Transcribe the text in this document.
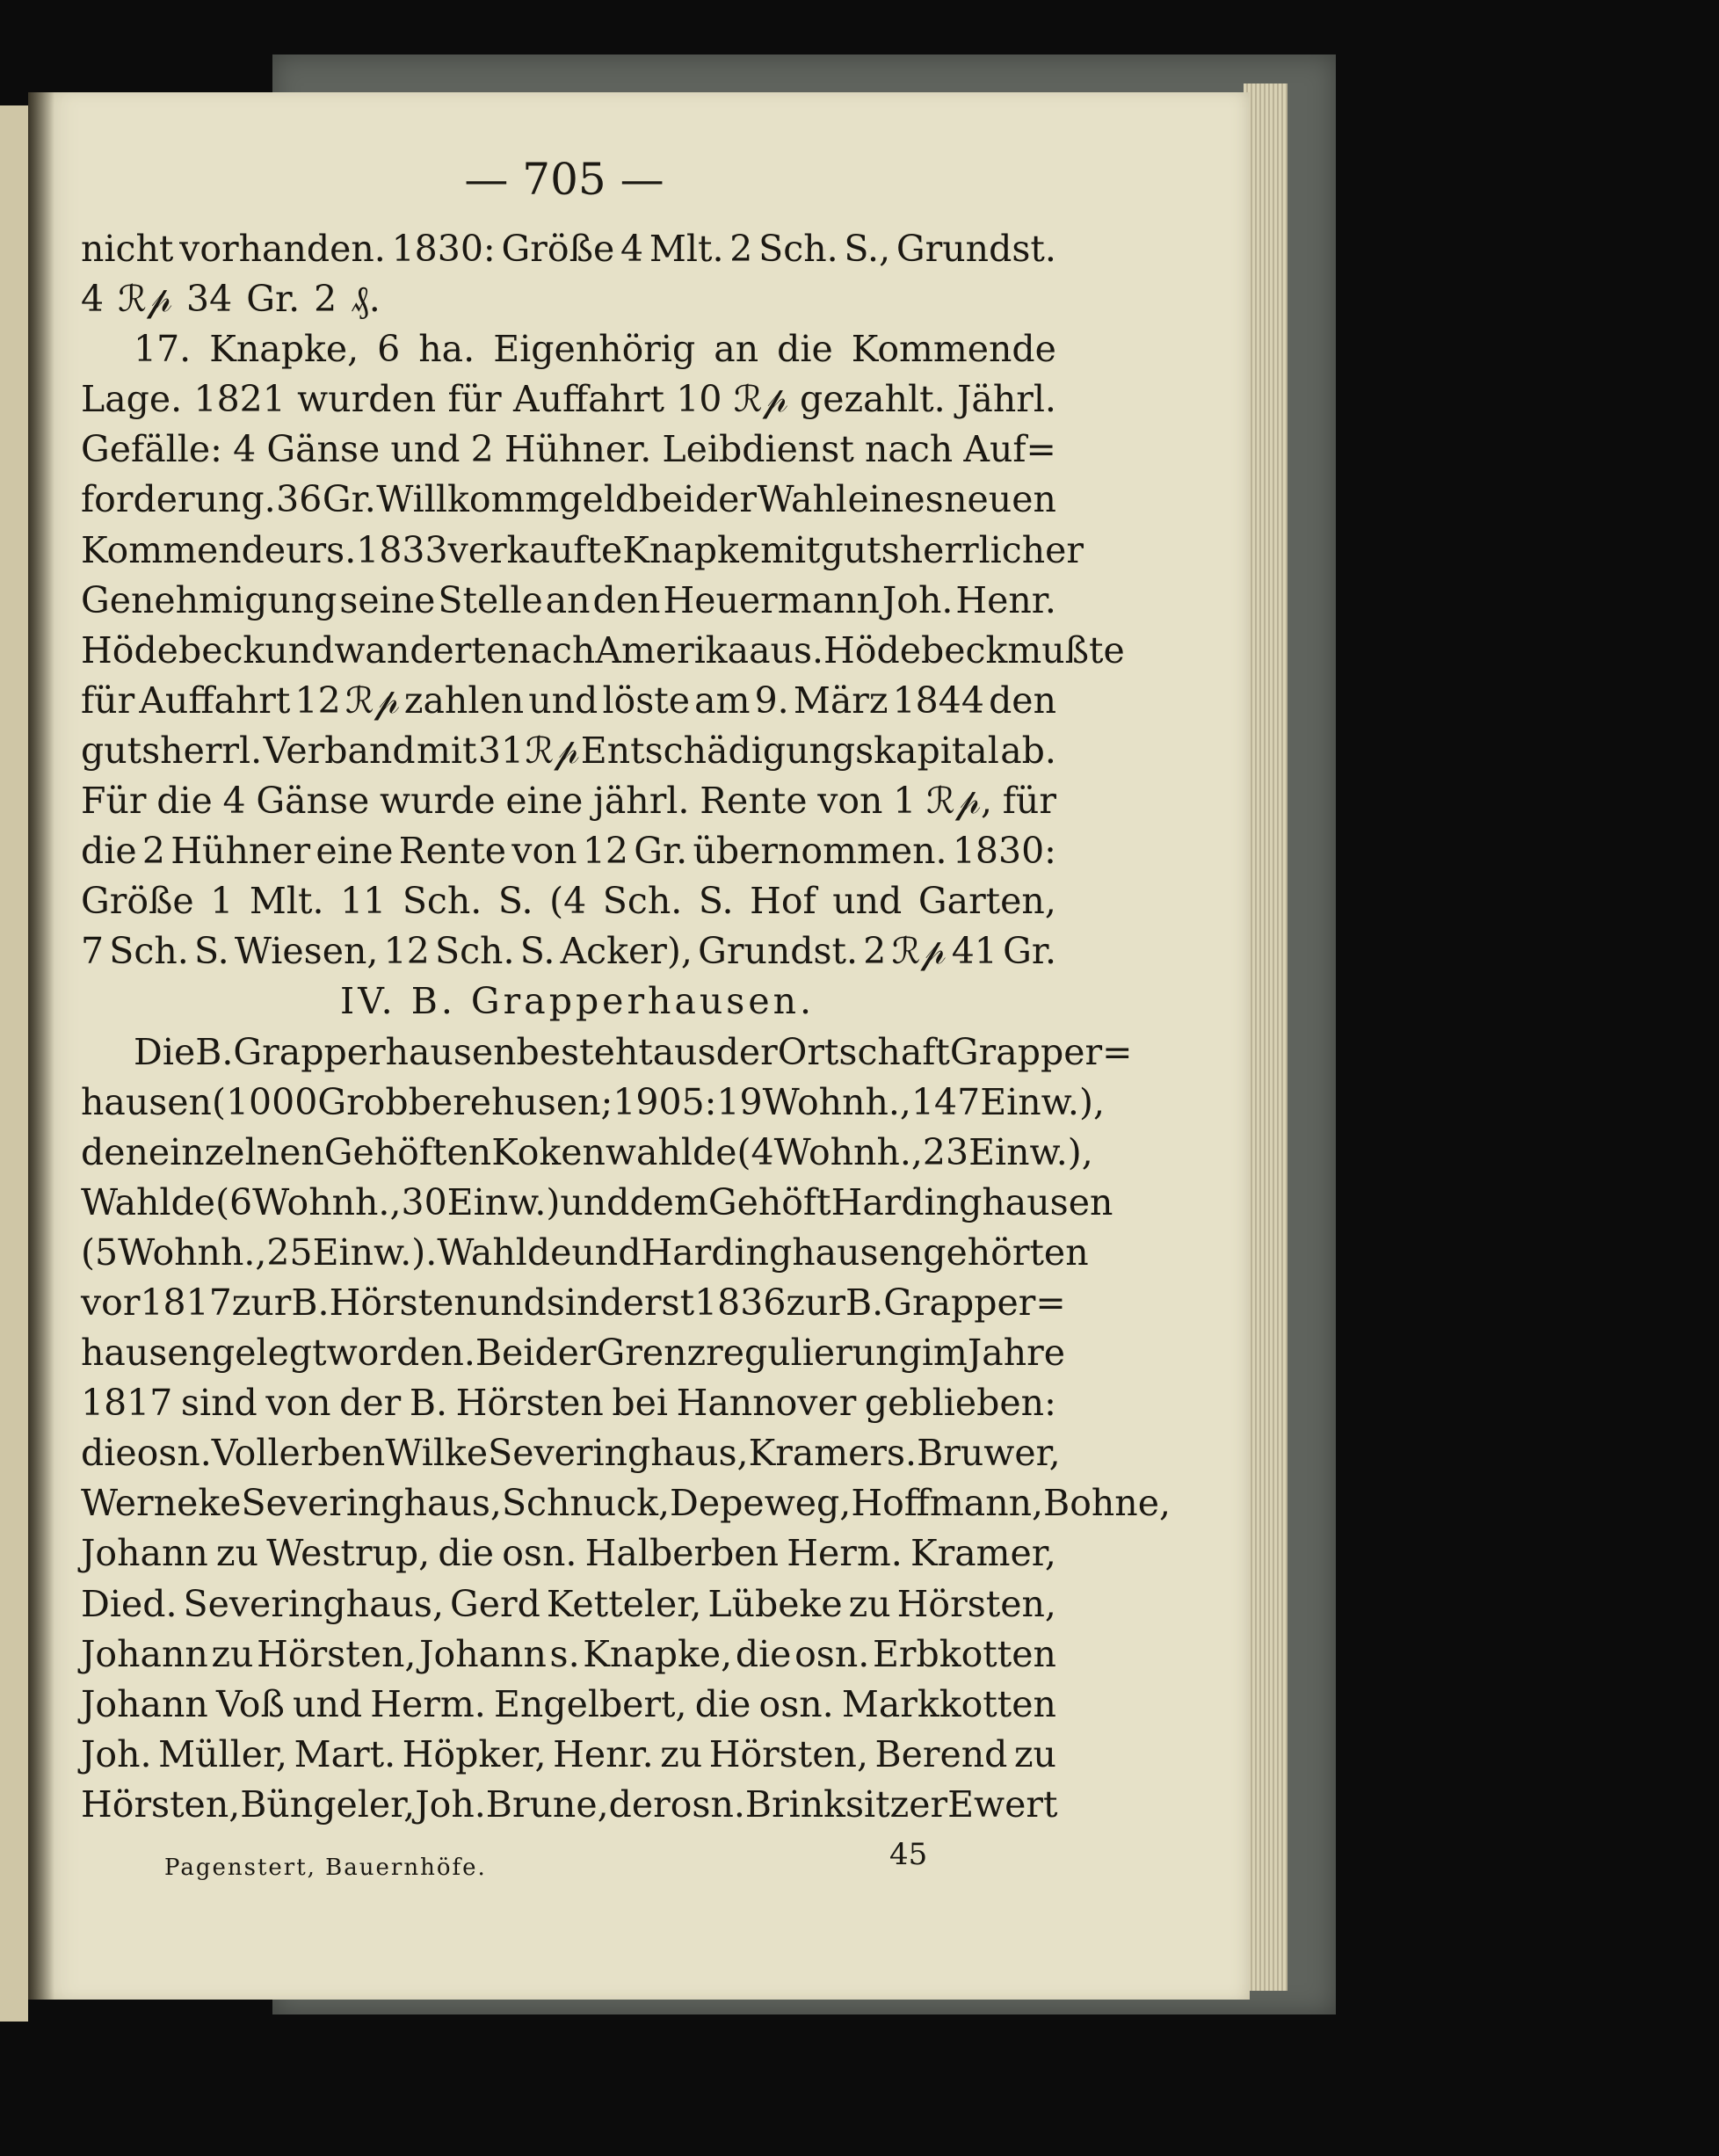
— 705 —
nicht vorhanden. 1830: Größe 4 Mlt. 2 Sch. S., Grundst.
4 ℛ𝓅 34 Gr. 2 ₰.
17. Knapke, 6 ha. Eigenhörig an die Kommende
Lage. 1821 wurden für Auffahrt 10 ℛ𝓅 gezahlt. Jährl.
Gefälle: 4 Gänse und 2 Hühner. Leibdienst nach Auf=
forderung. 36 Gr. Willkommgeld bei der Wahl eines neuen
Kommendeurs. 1833 verkaufte Knapke mit gutsherrlicher
Genehmigung seine Stelle an den Heuermann Joh. Henr.
Hödebeck und wanderte nach Amerika aus. Hödebeck mußte
für Auffahrt 12 ℛ𝓅 zahlen und löste am 9. März 1844 den
gutsherrl. Verband mit 31 ℛ𝓅 Entschädigungskapital ab.
Für die 4 Gänse wurde eine jährl. Rente von 1 ℛ𝓅, für
die 2 Hühner eine Rente von 12 Gr. übernommen. 1830:
Größe 1 Mlt. 11 Sch. S. (4 Sch. S. Hof und Garten,
7 Sch. S. Wiesen, 12 Sch. S. Acker), Grundst. 2 ℛ𝓅 41 Gr.
IV. B. Grapperhausen.
Die B. Grapperhausen besteht aus der Ortschaft Grapper=
hausen (1000 Grobberehusen; 1905: 19 Wohnh., 147 Einw.),
den einzelnen Gehöften Kokenwahlde (4 Wohnh., 23 Einw.),
Wahlde (6 Wohnh., 30 Einw.) und dem Gehöft Hardinghausen
(5 Wohnh., 25 Einw.). Wahlde und Hardinghausen gehörten
vor 1817 zur B. Hörsten und sind erst 1836 zur B. Grapper=
hausen gelegt worden. Bei der Grenzregulierung im Jahre
1817 sind von der B. Hörsten bei Hannover geblieben:
die osn. Vollerben Wilke Severinghaus, Kramer s. Bruwer,
Werneke Severinghaus, Schnuck, Depeweg, Hoffmann, Bohne,
Johann zu Westrup, die osn. Halberben Herm. Kramer,
Died. Severinghaus, Gerd Ketteler, Lübeke zu Hörsten,
Johann zu Hörsten, Johann s. Knapke, die osn. Erbkotten
Johann Voß und Herm. Engelbert, die osn. Markkotten
Joh. Müller, Mart. Höpker, Henr. zu Hörsten, Berend zu
Hörsten, Büngeler, Joh. Brune, der osn. Brinksitzer Ewert
Pagenstert, Bauernhöfe.	45
